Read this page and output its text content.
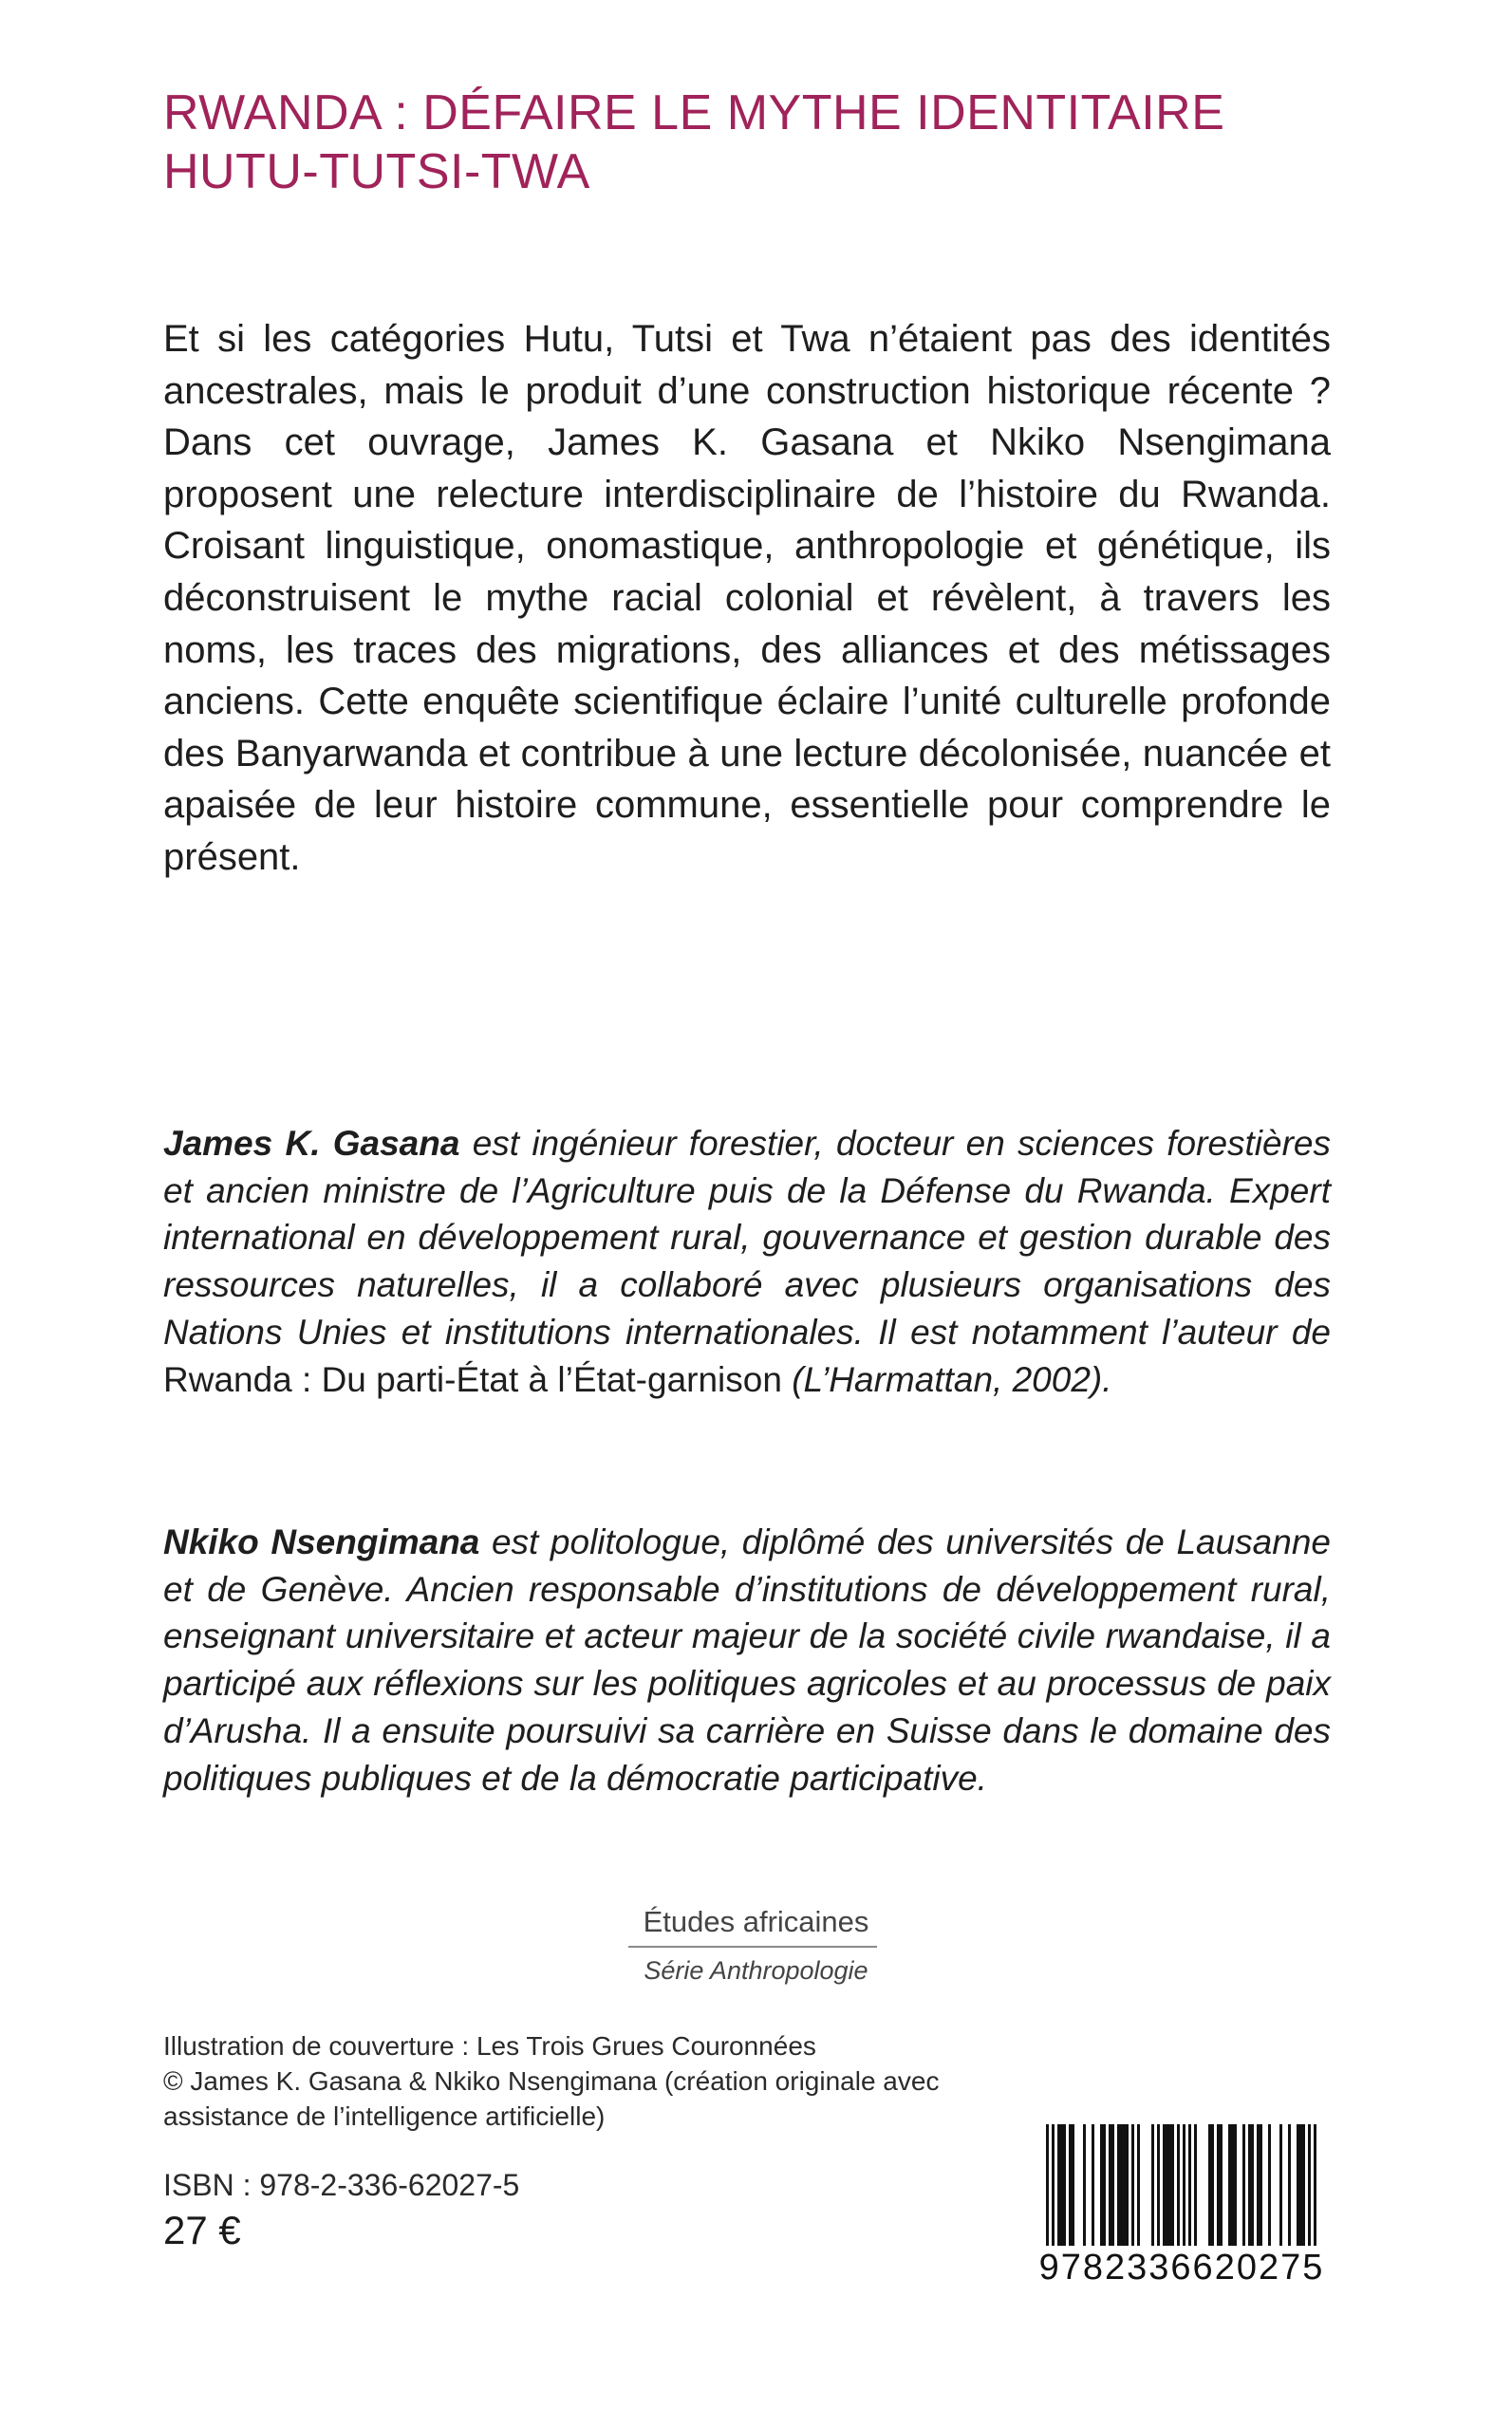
RWANDA : DÉFAIRE LE MYTHE IDENTITAIRE
HUTU-TUTSI-TWA

Et si les catégories Hutu, Tutsi et Twa n’étaient pas des identités ancestrales, mais le produit d’une construction historique récente ? Dans cet ouvrage, James K. Gasana et Nkiko Nsengimana proposent une relecture interdisciplinaire de l’histoire du Rwanda. Croisant linguistique, onomastique, anthropologie et génétique, ils déconstruisent le mythe racial colonial et révèlent, à travers les noms, les traces des migrations, des alliances et des métissages anciens. Cette enquête scientifique éclaire l’unité culturelle profonde des Banyarwanda et contribue à une lecture décolonisée, nuancée et apaisée de leur histoire commune, essentielle pour comprendre le présent.

James K. Gasana est ingénieur forestier, docteur en sciences forestières et ancien ministre de l’Agriculture puis de la Défense du Rwanda. Expert international en développement rural, gouvernance et gestion durable des ressources naturelles, il a collaboré avec plusieurs organisations des Nations Unies et institutions internationales. Il est notamment l’auteur de Rwanda : Du parti-État à l’État-garnison (L’Harmattan, 2002).

Nkiko Nsengimana est politologue, diplômé des universités de Lausanne et de Genève. Ancien responsable d’institutions de développement rural, enseignant universitaire et acteur majeur de la société civile rwandaise, il a participé aux réflexions sur les politiques agricoles et au processus de paix d’Arusha. Il a ensuite poursuivi sa carrière en Suisse dans le domaine des politiques publiques et de la démocratie participative.

Études africaines
Série Anthropologie

Illustration de couverture : Les Trois Grues Couronnées
© James K. Gasana & Nkiko Nsengimana (création originale avec assistance de l’intelligence artificielle)

ISBN : 978-2-336-62027-5
27 €
9782336620275
